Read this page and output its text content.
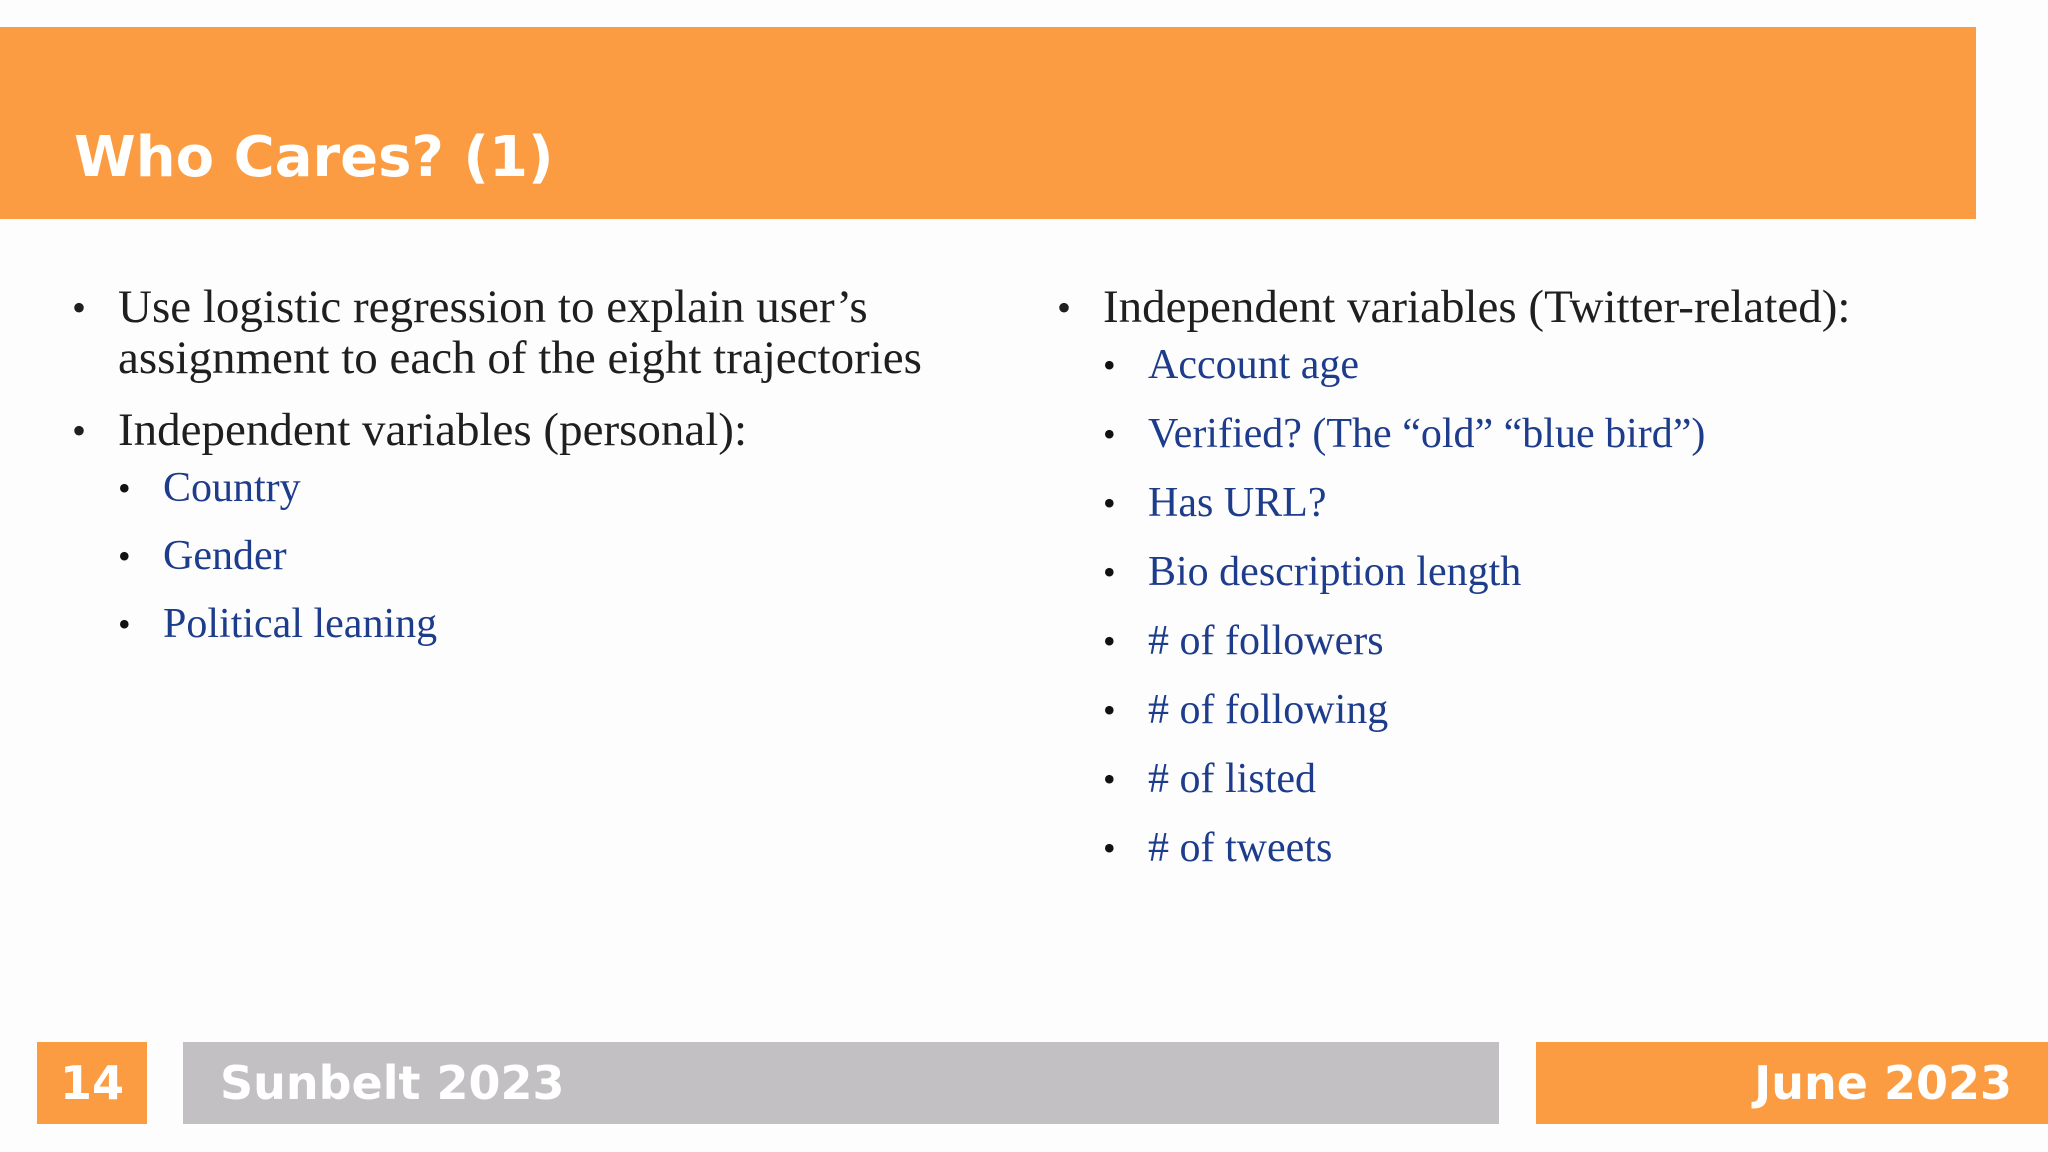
Who Cares? (1)
• Use logistic regression to explain user’s assignment to each of the eight trajectories
• Independent variables (personal):
• Country
• Gender
• Political leaning
• Independent variables (Twitter-related):
• Account age
• Verified? (The “old” “blue bird”)
• Has URL?
• Bio description length
• # of followers
• # of following
• # of listed
• # of tweets
14	Sunbelt 2023	June 2023
